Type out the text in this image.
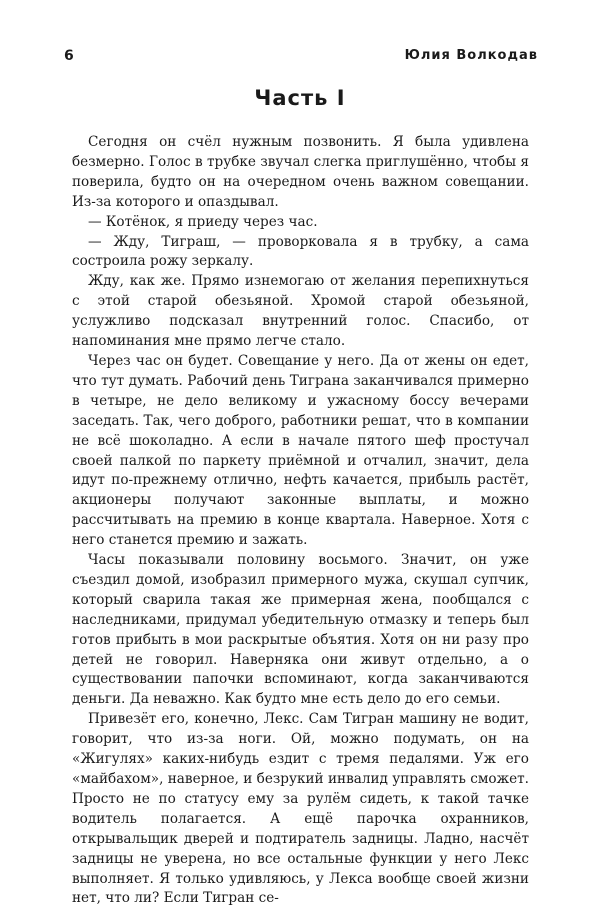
6	Юлия Волкодав
Часть I

Сегодня он счёл нужным позвонить. Я была удивлена безмерно. Голос в трубке звучал слегка приглушённо, чтобы я поверила, будто он на очередном очень важном совещании. Из-за которого и опаздывал.

— Котёнок, я приеду через час.

— Жду, Тиграш, — проворковала я в трубку, а сама состроила рожу зеркалу.

Жду, как же. Прямо изнемогаю от желания перепихнуться с этой старой обезьяной. Хромой старой обезьяной, услужливо подсказал внутренний голос. Спасибо, от напоминания мне прямо легче стало.

Через час он будет. Совещание у него. Да от жены он едет, что тут думать. Рабочий день Тиграна заканчивался примерно в четыре, не дело великому и ужасному боссу вечерами заседать. Так, чего доброго, работники решат, что в компании не всё шоколадно. А если в начале пятого шеф простучал своей палкой по паркету приёмной и отчалил, значит, дела идут по-прежнему отлично, нефть качается, прибыль растёт, акционеры получают законные выплаты, и можно рассчитывать на премию в конце квартала. Наверное. Хотя с него станется премию и зажать.

Часы показывали половину восьмого. Значит, он уже съездил домой, изобразил примерного мужа, скушал супчик, который сварила такая же примерная жена, пообщался с наследниками, придумал убедительную отмазку и теперь был готов прибыть в мои раскрытые объятия. Хотя он ни разу про детей не говорил. Наверняка они живут отдельно, а о существовании папочки вспоминают, когда заканчиваются деньги. Да неважно. Как будто мне есть дело до его семьи.

Привезёт его, конечно, Лекс. Сам Тигран машину не водит, говорит, что из-за ноги. Ой, можно подумать, он на «Жигулях» каких-нибудь ездит с тремя педалями. Уж его «майбахом», наверное, и безрукий инвалид управлять сможет. Просто не по статусу ему за рулём сидеть, к такой тачке водитель полагается. А ещё парочка охранников, открывальщик дверей и подтиратель задницы. Ладно, насчёт задницы не уверена, но все остальные функции у него Лекс выполняет. Я только удивляюсь, у Лекса вообще своей жизни нет, что ли? Если Тигран се-
